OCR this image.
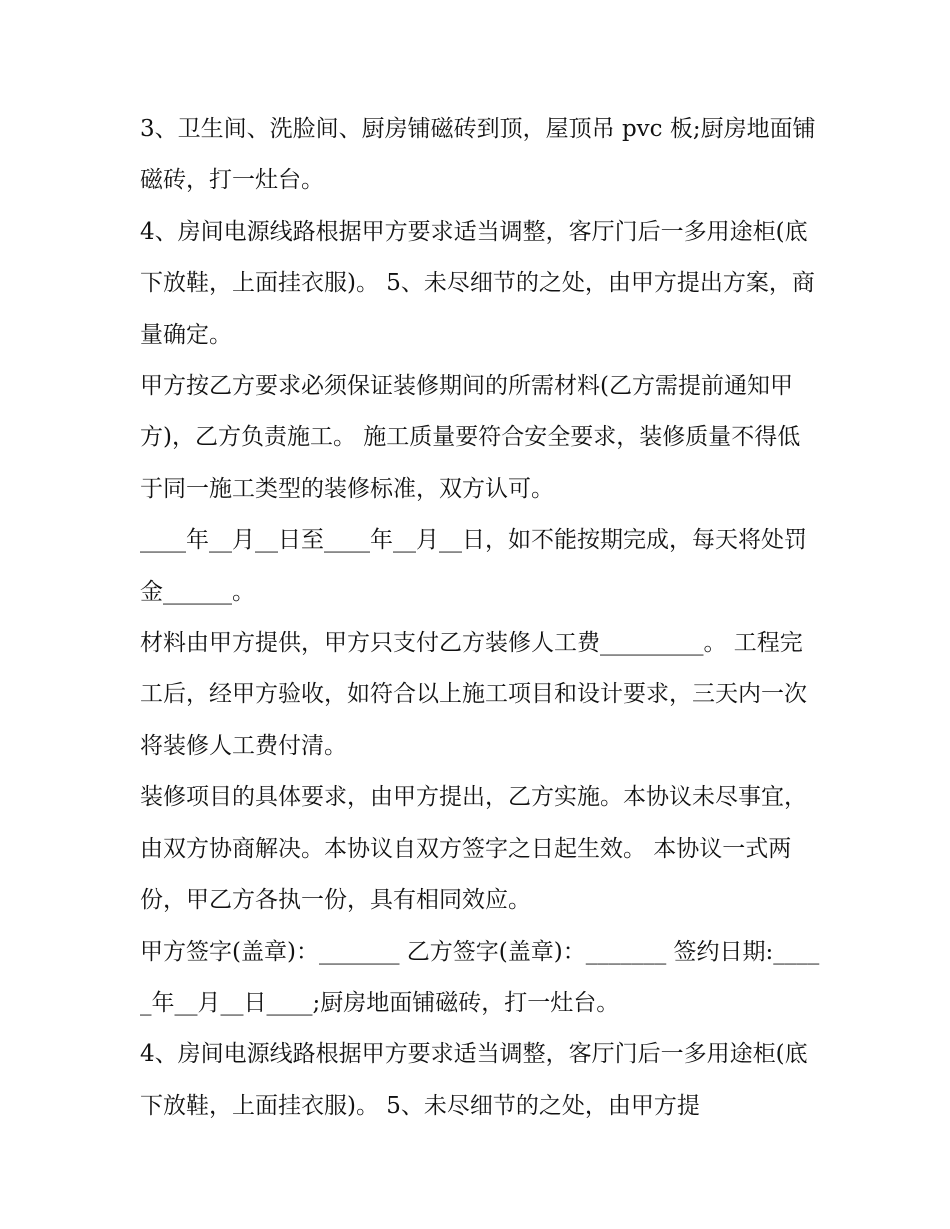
3、卫生间、洗脸间、厨房铺磁砖到顶，屋顶吊 pvc 板;厨房地面铺磁砖，打一灶台。

4、房间电源线路根据甲方要求适当调整，客厅门后一多用途柜(底下放鞋，上面挂衣服)。 5、未尽细节的之处，由甲方提出方案，商量确定。

甲方按乙方要求必须保证装修期间的所需材料(乙方需提前通知甲方)，乙方负责施工。 施工质量要符合安全要求，装修质量不得低于同一施工类型的装修标准，双方认可。

____年__月__日至____年__月__日，如不能按期完成，每天将处罚金______。

材料由甲方提供，甲方只支付乙方装修人工费_________。 工程完工后，经甲方验收，如符合以上施工项目和设计要求，三天内一次将装修人工费付清。

装修项目的具体要求，由甲方提出，乙方实施。本协议未尽事宜，由双方协商解决。本协议自双方签字之日起生效。 本协议一式两份，甲乙方各执一份，具有相同效应。

甲方签字(盖章)：_______ 乙方签字(盖章)：_______ 签约日期:_____年__月__日____;厨房地面铺磁砖，打一灶台。

4、房间电源线路根据甲方要求适当调整，客厅门后一多用途柜(底下放鞋，上面挂衣服)。 5、未尽细节的之处，由甲方提
